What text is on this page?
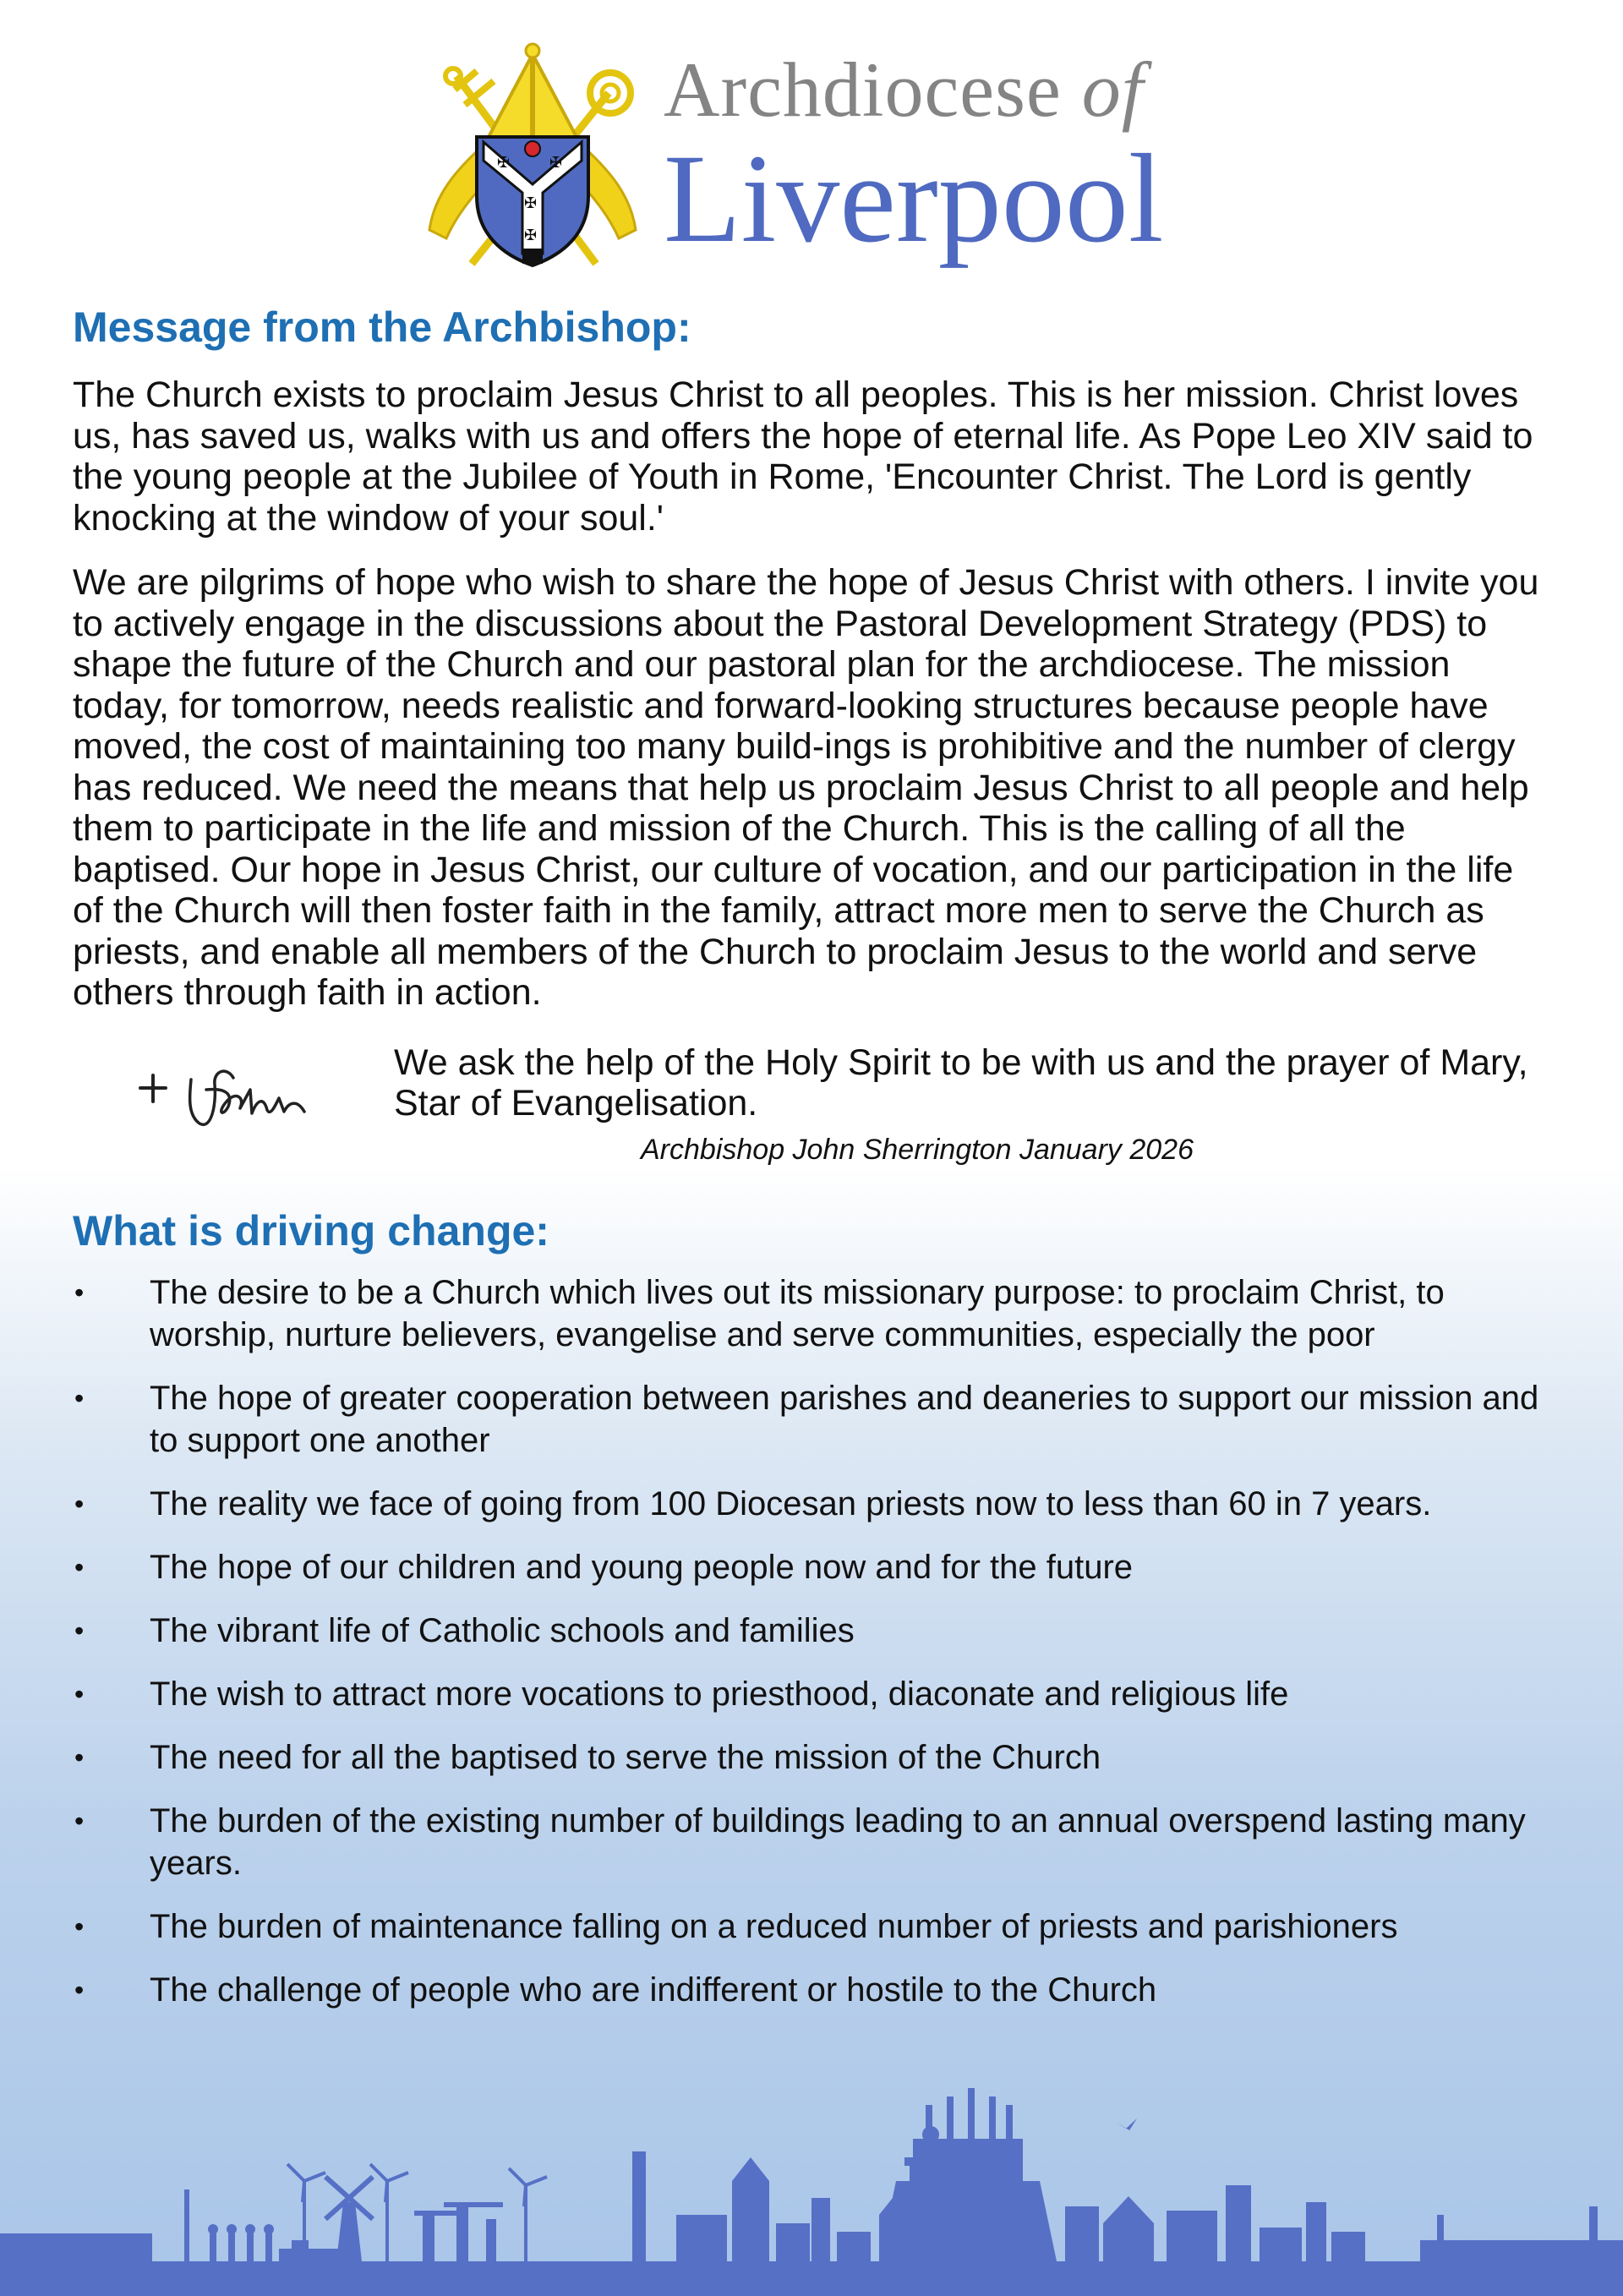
✠	✠
✠
✠
Archdiocese of
Liverpool
Message from the Archbishop:

The Church exists to proclaim Jesus Christ to all peoples. This is her mission. Christ loves us, has saved us, walks with us and offers the hope of eternal life. As Pope Leo XIV said to the young people at the Jubilee of Youth in Rome, 'Encounter Christ. The Lord is gently knocking at the window of your soul.'

We are pilgrims of hope who wish to share the hope of Jesus Christ with others. I invite you to actively engage in the discussions about the Pastoral Development Strategy (PDS) to shape the future of the Church and our pastoral plan for the archdiocese. The mission today, for tomorrow, needs realistic and forward-looking structures because people have moved, the cost of maintaining too many build-ings is prohibitive and the number of clergy has reduced. We need the means that help us proclaim Jesus Christ to all people and help them to participate in the life and mission of the Church. This is the calling of all the baptised. Our hope in Jesus Christ, our culture of vocation, and our participation in the life of the Church will then foster faith in the family, attract more men to serve the Church as priests, and enable all members of the Church to proclaim Jesus to the world and serve others through faith in action.

We ask the help of the Holy Spirit to be with us and the prayer of Mary, Star of Evangelisation.

Archbishop John Sherrington January 2026
What is driving change:
• The desire to be a Church which lives out its missionary purpose: to proclaim Christ, to worship, nurture believers, evangelise and serve communities, especially the poor
• The hope of greater cooperation between parishes and deaneries to support our mission and to support one another
• The reality we face of going from 100 Diocesan priests now to less than 60 in 7 years.
• The hope of our children and young people now and for the future
• The vibrant life of Catholic schools and families
• The wish to attract more vocations to priesthood, diaconate and religious life
• The need for all the baptised to serve the mission of the Church
• The burden of the existing number of buildings leading to an annual overspend lasting many years.
• The burden of maintenance falling on a reduced number of priests and parishioners
• The challenge of people who are indifferent or hostile to the Church
